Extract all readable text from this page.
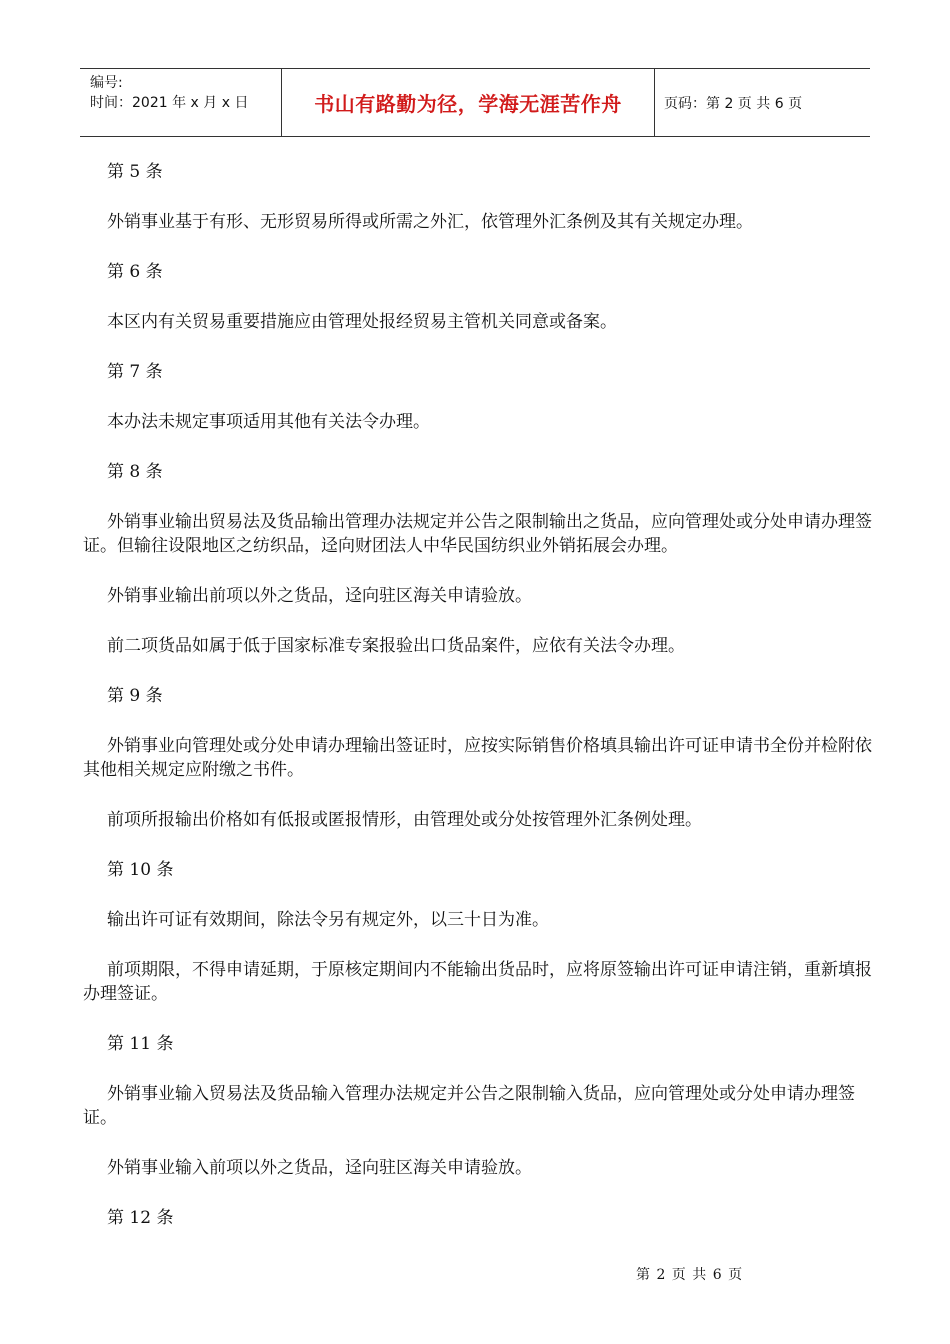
编号:
时间：2021 年 x 月 x 日	书山有路勤为径，学海无涯苦作舟	页码：第 2 页 共 6 页

第 5 条

外销事业基于有形、无形贸易所得或所需之外汇，依管理外汇条例及其有关规定办理。

第 6 条

本区内有关贸易重要措施应由管理处报经贸易主管机关同意或备案。

第 7 条

本办法未规定事项适用其他有关法令办理。

第 8 条

外销事业输出贸易法及货品输出管理办法规定并公告之限制输出之货品，应向管理处或分处申请办理签证。但输往设限地区之纺织品，迳向财团法人中华民国纺织业外销拓展会办理。

外销事业输出前项以外之货品，迳向驻区海关申请验放。

前二项货品如属于低于国家标准专案报验出口货品案件，应依有关法令办理。

第 9 条

外销事业向管理处或分处申请办理输出签证时，应按实际销售价格填具输出许可证申请书全份并检附依其他相关规定应附缴之书件。

前项所报输出价格如有低报或匿报情形，由管理处或分处按管理外汇条例处理。

第 10 条

输出许可证有效期间，除法令另有规定外，以三十日为准。

前项期限，不得申请延期，于原核定期间内不能输出货品时，应将原签输出许可证申请注销，重新填报办理签证。

第 11 条

外销事业输入贸易法及货品输入管理办法规定并公告之限制输入货品，应向管理处或分处申请办理签证。

外销事业输入前项以外之货品，迳向驻区海关申请验放。

第 12 条

第 2 页 共 6 页
